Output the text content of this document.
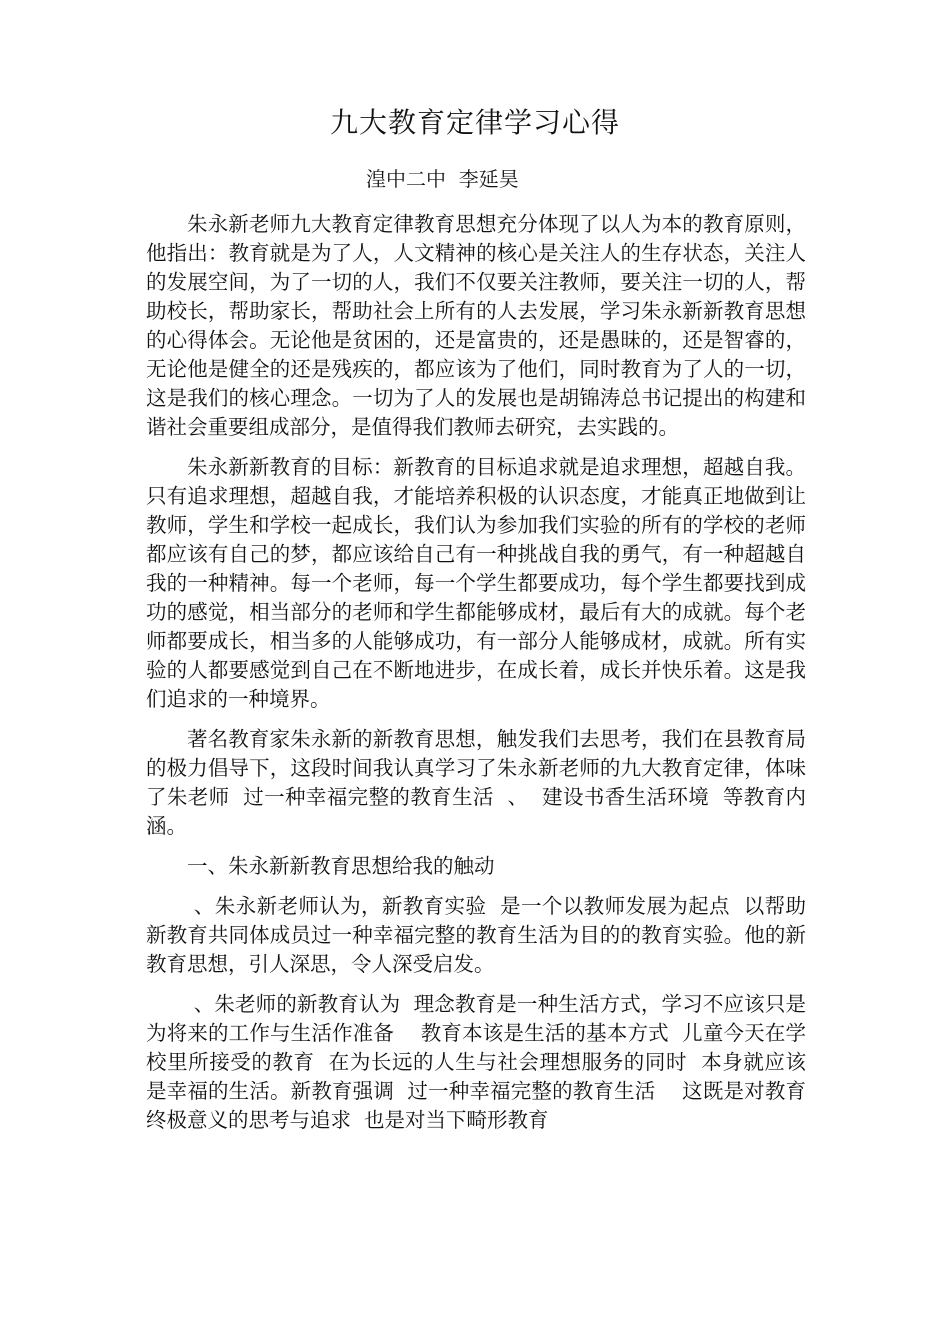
九大教育定律学习心得
湟中二中  李延昊

朱永新老师九大教育定律教育思想充分体现了以人为本的教育原则，他指出：教育就是为了人，人文精神的核心是关注人的生存状态，关注人的发展空间，为了一切的人，我们不仅要关注教师，要关注一切的人，帮助校长，帮助家长，帮助社会上所有的人去发展，学习朱永新新教育思想的心得体会。无论他是贫困的，还是富贵的，还是愚昧的，还是智睿的，无论他是健全的还是残疾的，都应该为了他们，同时教育为了人的一切，这是我们的核心理念。一切为了人的发展也是胡锦涛总书记提出的构建和谐社会重要组成部分，是值得我们教师去研究，去实践的。

朱永新新教育的目标：新教育的目标追求就是追求理想，超越自我。只有追求理想，超越自我，才能培养积极的认识态度，才能真正地做到让教师，学生和学校一起成长，我们认为参加我们实验的所有的学校的老师都应该有自己的梦，都应该给自己有一种挑战自我的勇气，有一种超越自我的一种精神。每一个老师，每一个学生都要成功，每个学生都要找到成功的感觉，相当部分的老师和学生都能够成材，最后有大的成就。每个老师都要成长，相当多的人能够成功，有一部分人能够成材，成就。所有实验的人都要感觉到自己在不断地进步，在成长着，成长并快乐着。这是我们追求的一种境界。

著名教育家朱永新的新教育思想，触发我们去思考，我们在县教育局的极力倡导下，这段时间我认真学习了朱永新老师的九大教育定律，体味了朱老师  过一种幸福完整的教育生活  、  建设书香生活环境  等教育内涵。

一、朱永新新教育思想给我的触动

、朱永新老师认为，新教育实验  是一个以教师发展为起点  以帮助新教育共同体成员过一种幸福完整的教育生活为目的的教育实验。他的新教育思想，引人深思，令人深受启发。

、朱老师的新教育认为  理念教育是一种生活方式，学习不应该只是  为将来的工作与生活作准备    教育本该是生活的基本方式  儿童今天在学校里所接受的教育  在为长远的人生与社会理想服务的同时  本身就应该是幸福的生活。新教育强调  过一种幸福完整的教育生活    这既是对教育终极意义的思考与追求  也是对当下畸形教育
